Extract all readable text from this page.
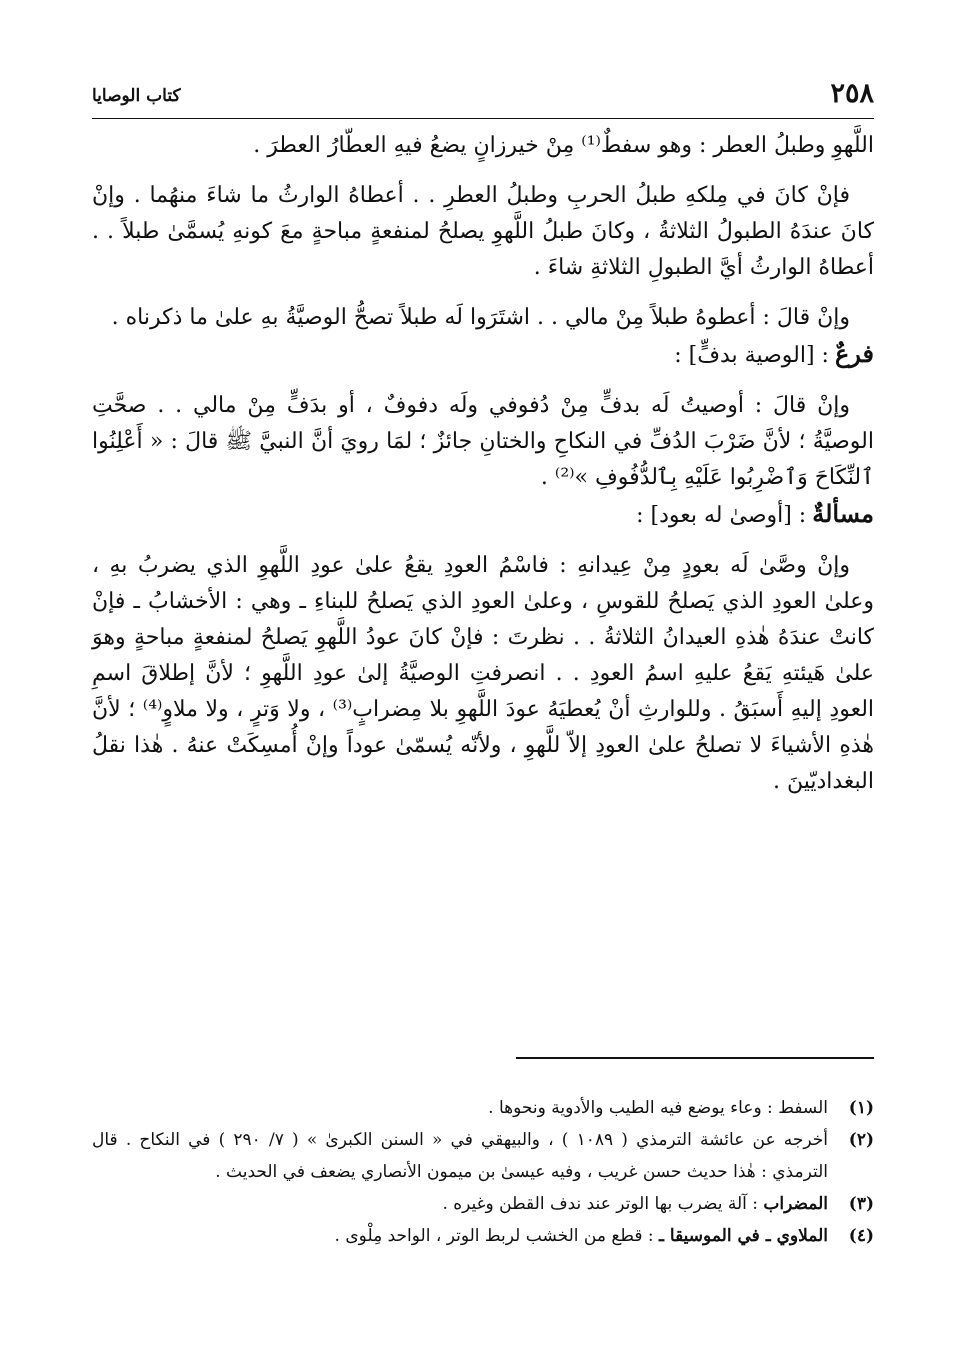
٢٥٨
كتاب الوصايا

اللَّهوِ وطبلُ العطر : وهو سفطٌ⁽¹⁾ مِنْ خيرزانٍ يضعُ فيهِ العطّارُ العطرَ .

فإنْ كانَ في مِلكهِ طبلُ الحربِ وطبلُ العطرِ . . أعطاهُ الوارثُ ما شاءَ منهُما . وإنْ كانَ عندَهُ الطبولُ الثلاثةُ ، وكانَ طبلُ اللَّهوِ يصلحُ لمنفعةٍ مباحةٍ معَ كونهِ يُسمَّىٰ طبلاً . . أعطاهُ الوارثُ أيَّ الطبولِ الثلاثةِ شاءَ .

وإنْ قالَ : أعطوهُ طبلاً مِنْ مالي . . اشتَرَوا لَه طبلاً تصحُّ الوصيَّةُ بهِ علىٰ ما ذكرناه .

فرعٌ: [الوصية بدفٍّ] :

وإنْ قالَ : أوصيتُ لَه بدفٍّ مِنْ دُفوفي ولَه دفوفٌ ، أو بدَفٍّ مِنْ مالي . . صحَّتِ الوصيَّةُ ؛ لأنَّ ضَرْبَ الدُفِّ في النكاحِ والختانِ جائزٌ ؛ لمَا رويَ أنَّ النبيَّ ﷺ قالَ : « أَعْلِنُوا ٱلنِّكَاحَ وَٱضْرِبُوا عَلَيْهِ بِٱلدُّفُوفِ »⁽²⁾ .

مسألةٌ: [أوصىٰ له بعود] :

وإنْ وصَّىٰ لَه بعودٍ مِنْ عِيدانهِ : فاسْمُ العودِ يقعُ علىٰ عودِ اللَّهوِ الذي يضربُ بهِ ، وعلىٰ العودِ الذي يَصلحُ للقوسِ ، وعلىٰ العودِ الذي يَصلحُ للبناءِ ـ وهي : الأخشابُ ـ فإنْ كانتْ عندَهُ هٰذهِ العيدانُ الثلاثةُ . . نظرتَ : فإنْ كانَ عودُ اللَّهوِ يَصلحُ لمنفعةٍ مباحةٍ وهوَ علىٰ هَيئتهِ يَقعُ عليهِ اسمُ العودِ . . انصرفتِ الوصيَّةُ إلىٰ عودِ اللَّهوِ ؛ لأنَّ إطلاقَ اسمِ العودِ إليهِ أَسبَقُ . وللوارثِ أنْ يُعطيَهُ عودَ اللَّهوِ بلا مِضرابٍ⁽³⁾ ، ولا وَترٍ ، ولا ملاوٍ⁽⁴⁾ ؛ لأنَّ هٰذهِ الأشياءَ لا تصلحُ علىٰ العودِ إلاّ للَّهوِ ، ولأنّه يُسمّىٰ عوداً وإنْ أُمسِكَتْ عنهُ . هٰذا نقلُ البغداديّينَ .

(١)
السفط : وعاء يوضع فيه الطيب والأدوية ونحوها .
(٢)
أخرجه عن عائشة الترمذي ( ١٠٨٩ ) ، والبيهقي في « السنن الكبرىٰ » ( ٧/ ٢٩٠ ) في النكاح . قال الترمذي : هٰذا حديث حسن غريب ، وفيه عيسىٰ بن ميمون الأنصاري يضعف في الحديث .
(٣)
المضراب : آلة يضرب بها الوتر عند ندف القطن وغيره .
(٤)
الملاوي ـ في الموسيقا ـ : قطع من الخشب لربط الوتر ، الواحد مِلْوى .
